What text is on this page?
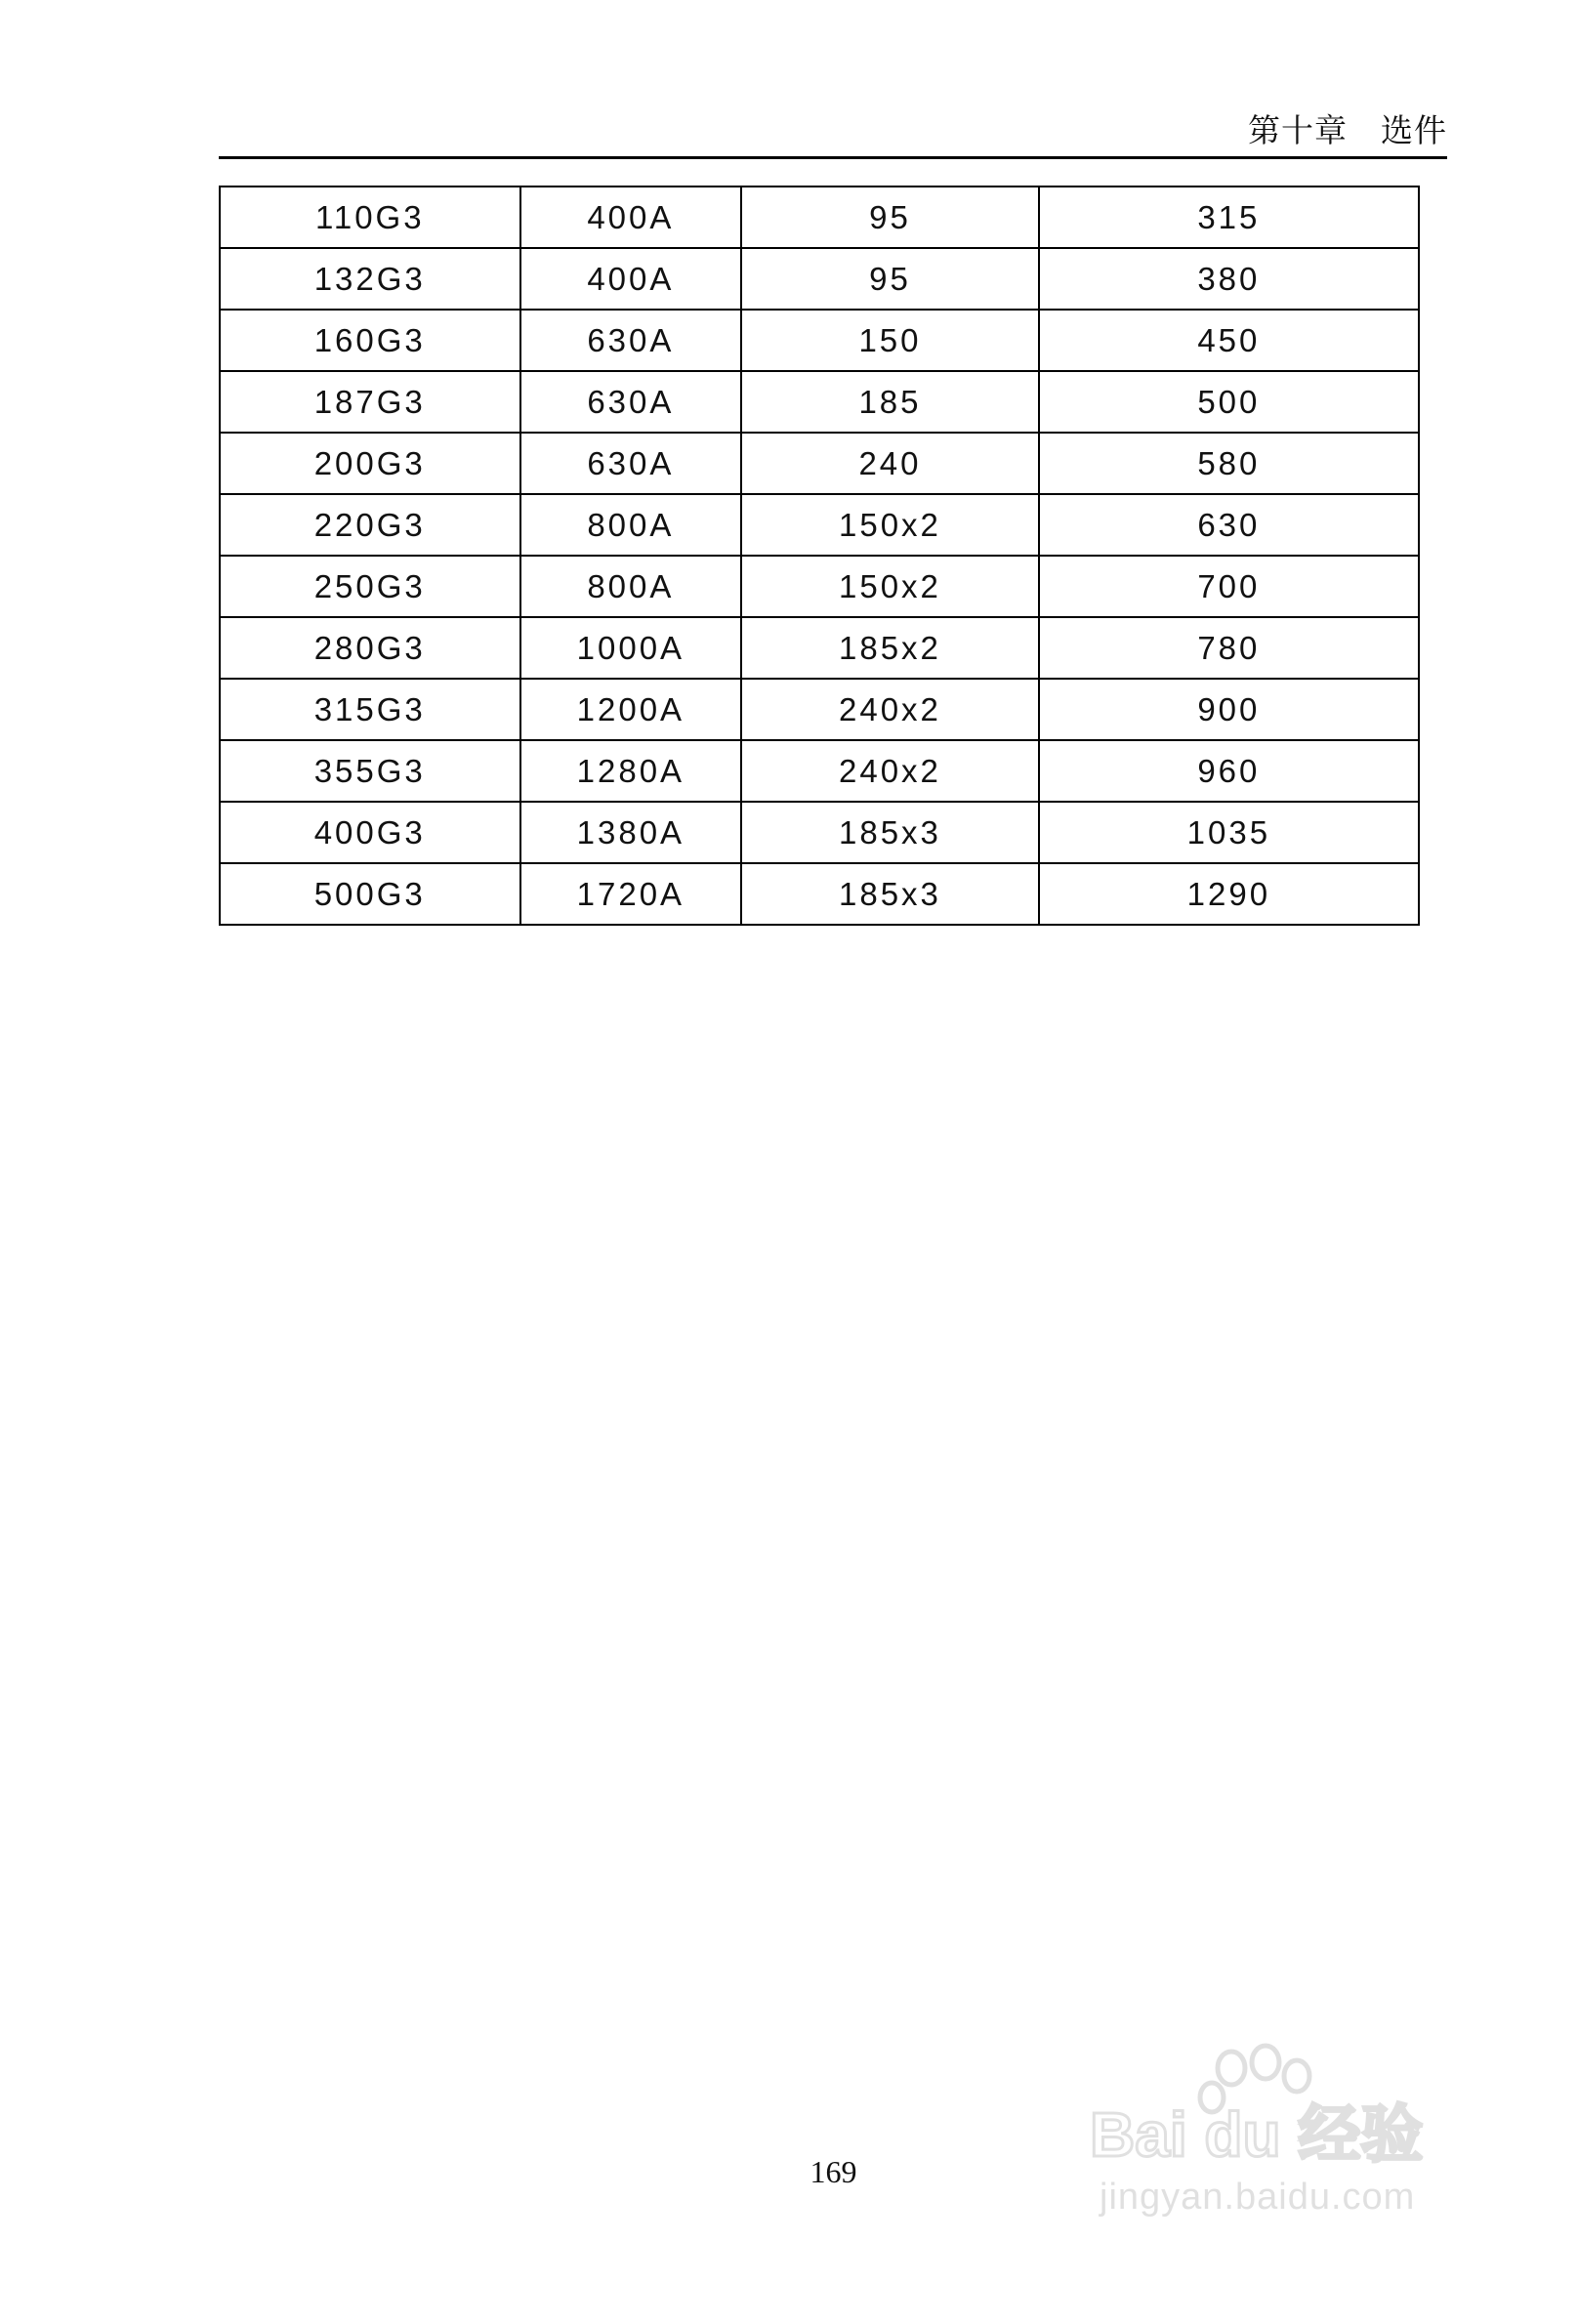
第十章　选件
110G3	400A	95	315
132G3	400A	95	380
160G3	630A	150	450
187G3	630A	185	500
200G3	630A	240	580
220G3	800A	150x2	630
250G3	800A	150x2	700
280G3	1000A	185x2	780
315G3	1200A	240x2	900
355G3	1280A	240x2	960
400G3	1380A	185x3	1035
500G3	1720A	185x3	1290
169
Bai du 经验
jingyan.baidu.com
